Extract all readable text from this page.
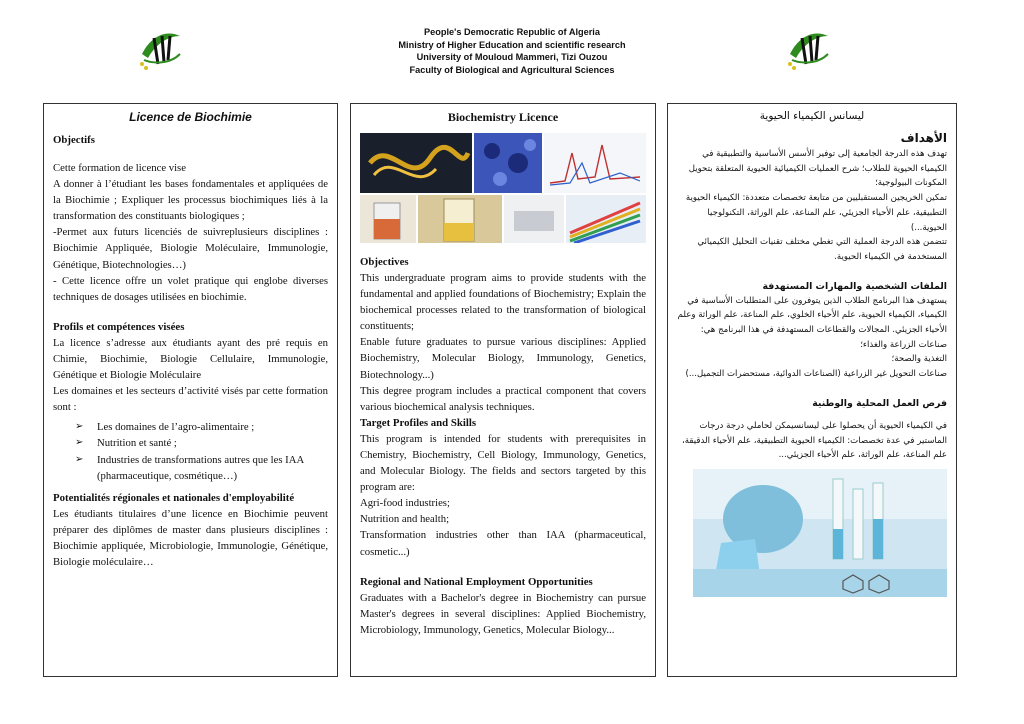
People's Democratic Republic of Algeria
Ministry of Higher Education and scientific research
University of Mouloud Mammeri, Tizi Ouzou
Faculty of Biological and Agricultural Sciences
Licence de Biochimie
Objectifs

Cette formation de licence vise

A donner à l’étudiant les bases fondamentales et appliquées de la Biochimie ; Expliquer les processus biochimiques liés à la transformation des constituants biologiques ;

-Permet aux futurs licenciés de suivreplusieurs disciplines : Biochimie Appliquée, Biologie Moléculaire, Immunologie, Génétique, Biotechnologies…)

- Cette licence offre un volet pratique qui englobe diverses techniques de dosages utilisées en biochimie.

Profils et compétences visées

La licence s’adresse aux étudiants ayant des pré requis en Chimie, Biochimie, Biologie Cellulaire, Immunologie, Génétique et Biologie Moléculaire

Les domaines et les secteurs d’activité visés par cette formation sont :

➢ Les domaines de l’agro-alimentaire ;
➢ Nutrition et santé ;
➢ Industries de transformations autres que les IAA (pharmaceutique, cosmétique…)
Potentialités régionales et nationales d'employabilité

Les étudiants titulaires d’une licence en Biochimie peuvent préparer des diplômes de master dans plusieurs disciplines : Biochimie appliquée, Microbiologie, Immunologie, Génétique, Biologie moléculaire…

Biochemistry Licence
Objectives

This undergraduate program aims to provide students with the fundamental and applied foundations of Biochemistry; Explain the biochemical processes related to the transformation of biological constituents;

Enable future graduates to pursue various disciplines: Applied Biochemistry, Molecular Biology, Immunology, Genetics, Biotechnology...)

This degree program includes a practical component that covers various biochemical analysis techniques.

Target Profiles and Skills

This program is intended for students with prerequisites in Chemistry, Biochemistry, Cell Biology, Immunology, Genetics, and Molecular Biology. The fields and sectors targeted by this program are:

Agri-food industries;

Nutrition and health;

Transformation industries other than IAA (pharmaceutical, cosmetic...)

Regional and National Employment Opportunities

Graduates with a Bachelor's degree in Biochemistry can pursue Master's degrees in several disciplines: Applied Biochemistry, Microbiology, Immunology, Genetics, Molecular Biology...

ليسانس الكيمياء الحيوية
الأهداف

تهدف هذه الدرجة الجامعية إلى توفير الأسس الأساسية والتطبيقية في الكيمياء الحيوية للطلاب؛ شرح العمليات الكيميائية الحيوية المتعلقة بتحويل المكونات البيولوجية؛

تمكين الخريجين المستقبليين من متابعة تخصصات متعددة: الكيمياء الحيوية التطبيقية، علم الأحياء الجزيئي، علم المناعة، علم الوراثة، التكنولوجيا الحيوية...)

تتضمن هذه الدرجة العملية التي تغطي مختلف تقنيات التحليل الكيميائي المستخدمة في الكيمياء الحيوية.

الملفات الشخصية والمهارات المستهدفة

يستهدف هذا البرنامج الطلاب الذين يتوفرون على المتطلبات الأساسية في الكيمياء، الكيمياء الحيوية، علم الأحياء الخلوي، علم المناعة، علم الوراثة وعلم الأحياء الجزيئي. المجالات والقطاعات المستهدفة في هذا البرنامج هي:

صناعات الزراعة والغذاء؛

التغذية والصحة؛

صناعات التحويل غير الزراعية (الصناعات الدوائية، مستحضرات التجميل...)

فرص العمل المحلية والوطنية

في الكيمياء الحيوية أن يحصلوا على ليسانسيمكن لحاملي درجة درجات الماستير في عدة تخصصات: الكيمياء الحيوية التطبيقية، علم الأحياء الدقيقة، علم المناعة، علم الوراثة، علم الأحياء الجزيئي...
